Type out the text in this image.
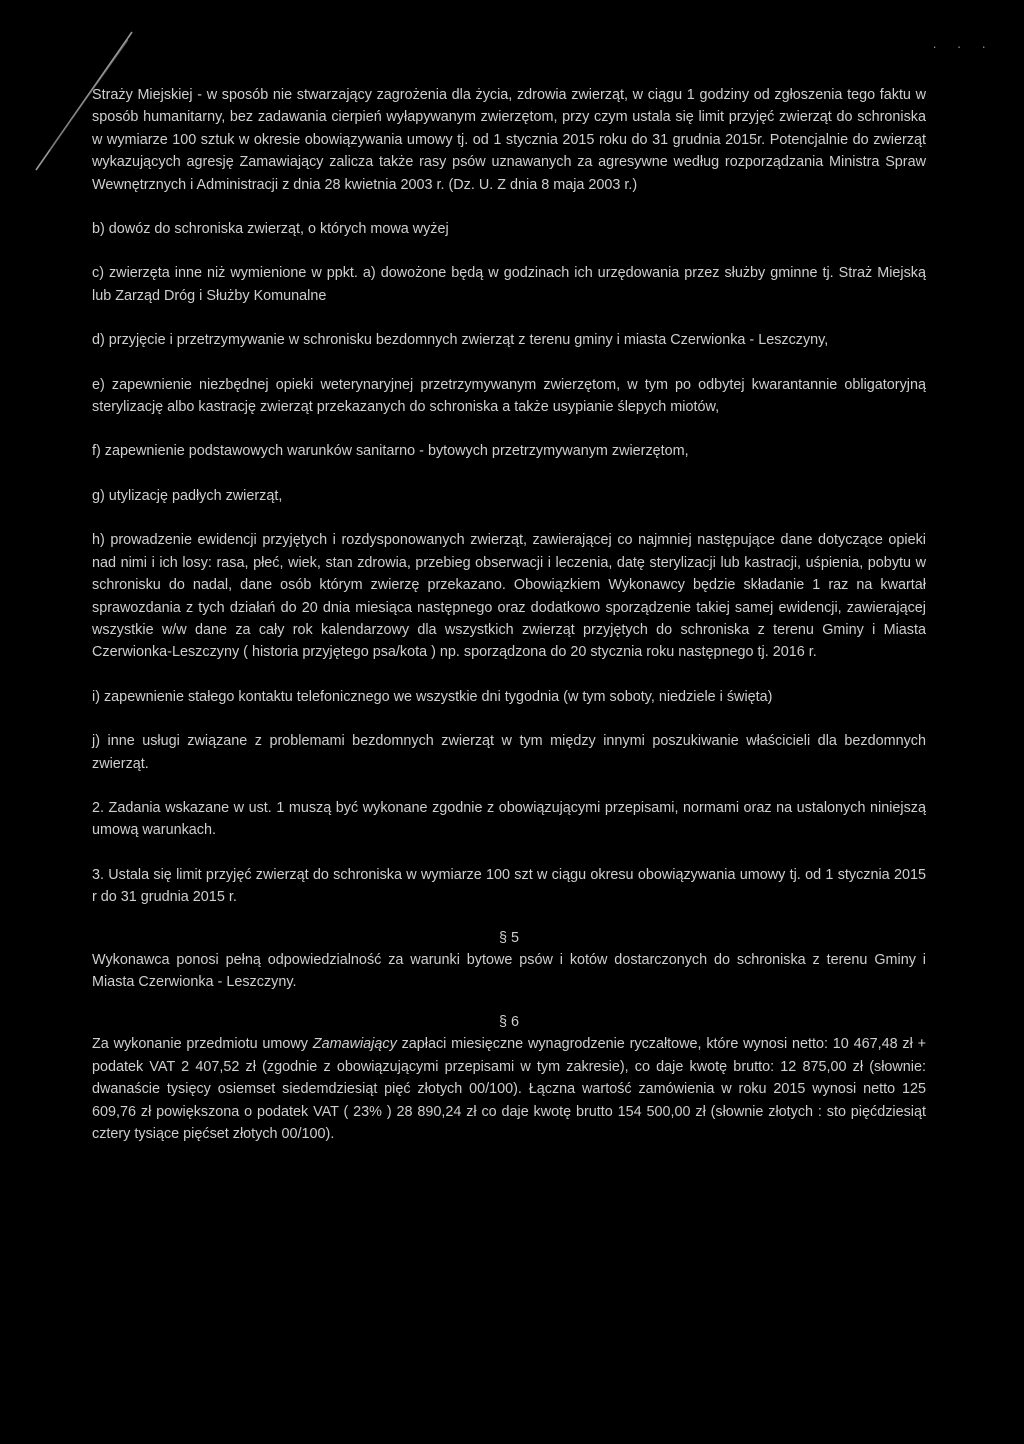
· · ·

Straży Miejskiej - w sposób nie stwarzający zagrożenia dla życia, zdrowia zwierząt, w ciągu 1 godziny od zgłoszenia tego faktu w sposób humanitarny, bez zadawania cierpień wyłapywanym zwierzętom, przy czym ustala się limit przyjęć zwierząt do schroniska w wymiarze 100 sztuk w okresie obowiązywania umowy tj. od 1 stycznia 2015 roku do 31 grudnia 2015r. Potencjalnie do zwierząt wykazujących agresję Zamawiający zalicza także rasy psów uznawanych za agresywne według rozporządzania Ministra Spraw Wewnętrznych i Administracji z dnia 28 kwietnia 2003 r. (Dz. U. Z dnia 8 maja 2003 r.)

b) dowóz do schroniska zwierząt, o których mowa wyżej

c) zwierzęta inne niż wymienione w ppkt. a) dowożone będą w godzinach ich urzędowania przez służby gminne tj. Straż Miejską lub Zarząd Dróg i Służby Komunalne

d) przyjęcie i przetrzymywanie w schronisku bezdomnych zwierząt z terenu gminy i miasta Czerwionka - Leszczyny,

e) zapewnienie niezbędnej opieki weterynaryjnej przetrzymywanym zwierzętom, w tym po odbytej kwarantannie obligatoryjną sterylizację albo kastrację zwierząt przekazanych do schroniska a także usypianie ślepych miotów,

f) zapewnienie podstawowych warunków sanitarno - bytowych przetrzymywanym zwierzętom,

g) utylizację padłych zwierząt,

h) prowadzenie ewidencji przyjętych i rozdysponowanych zwierząt, zawierającej co najmniej następujące dane dotyczące opieki nad nimi i ich losy: rasa, płeć, wiek, stan zdrowia, przebieg obserwacji i leczenia, datę sterylizacji lub kastracji, uśpienia, pobytu w schronisku do nadal, dane osób którym zwierzę przekazano. Obowiązkiem Wykonawcy będzie składanie 1 raz na kwartał sprawozdania z tych działań do 20 dnia miesiąca następnego oraz dodatkowo sporządzenie takiej samej ewidencji, zawierającej wszystkie w/w dane za cały rok kalendarzowy dla wszystkich zwierząt przyjętych do schroniska z terenu Gminy i Miasta Czerwionka-Leszczyny ( historia przyjętego psa/kota ) np. sporządzona do 20 stycznia roku następnego tj. 2016 r.

i) zapewnienie stałego kontaktu telefonicznego we wszystkie dni tygodnia (w tym soboty, niedziele i święta)

j) inne usługi związane z problemami bezdomnych zwierząt w tym między innymi poszukiwanie właścicieli dla bezdomnych zwierząt.

2. Zadania wskazane w ust. 1 muszą być wykonane zgodnie z obowiązującymi przepisami, normami oraz na ustalonych niniejszą umową warunkach.

3. Ustala się limit przyjęć zwierząt do schroniska w wymiarze 100 szt w ciągu okresu obowiązywania umowy tj. od 1 stycznia 2015 r do 31 grudnia 2015 r.

§ 5

Wykonawca ponosi pełną odpowiedzialność za warunki bytowe psów i kotów dostarczonych do schroniska z terenu Gminy i Miasta Czerwionka - Leszczyny.

§ 6

Za wykonanie przedmiotu umowy Zamawiający zapłaci miesięczne wynagrodzenie ryczałtowe, które wynosi netto: 10 467,48 zł + podatek VAT 2 407,52 zł (zgodnie z obowiązującymi przepisami w tym zakresie), co daje kwotę brutto: 12 875,00 zł (słownie: dwanaście tysięcy osiemset siedemdziesiąt pięć złotych 00/100). Łączna wartość zamówienia w roku 2015 wynosi netto 125 609,76 zł powiększona o podatek VAT ( 23% ) 28 890,24 zł co daje kwotę brutto 154 500,00 zł (słownie złotych : sto pięćdziesiąt cztery tysiące pięćset złotych 00/100).
